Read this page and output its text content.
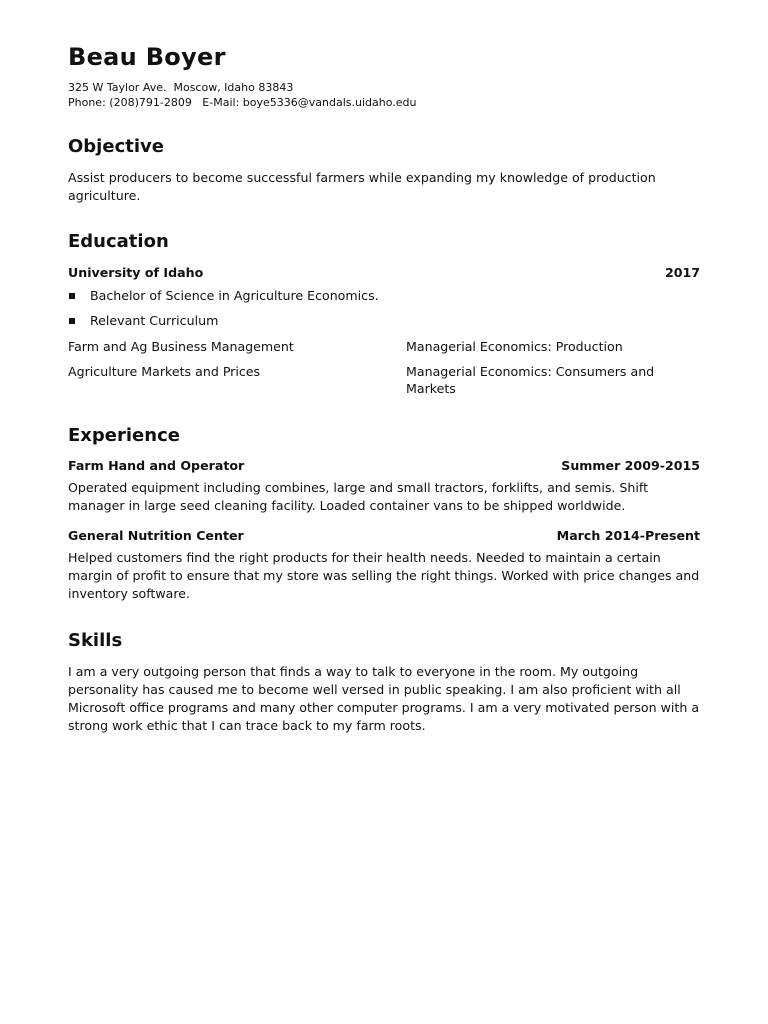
Beau Boyer
325 W Taylor Ave.  Moscow, Idaho 83843
Phone: (208)791-2809   E-Mail: boye5336@vandals.uidaho.edu
Objective

Assist producers to become successful farmers while expanding my knowledge of production agriculture.

Education
University of Idaho	2017
Bachelor of Science in Agriculture Economics.
Relevant Curriculum
Farm and Ag Business Management	Managerial Economics: Production
Agriculture Markets and Prices	Managerial Economics: Consumers and Markets
Experience
Farm Hand and Operator	Summer 2009-2015

Operated equipment including combines, large and small tractors, forklifts, and semis. Shift manager in large seed cleaning facility. Loaded container vans to be shipped worldwide.

General Nutrition Center	March 2014-Present

Helped customers find the right products for their health needs. Needed to maintain a certain margin of profit to ensure that my store was selling the right things. Worked with price changes and inventory software.

Skills

I am a very outgoing person that finds a way to talk to everyone in the room. My outgoing personality has caused me to become well versed in public speaking. I am also proficient with all Microsoft office programs and many other computer programs. I am a very motivated person with a strong work ethic that I can trace back to my farm roots.
